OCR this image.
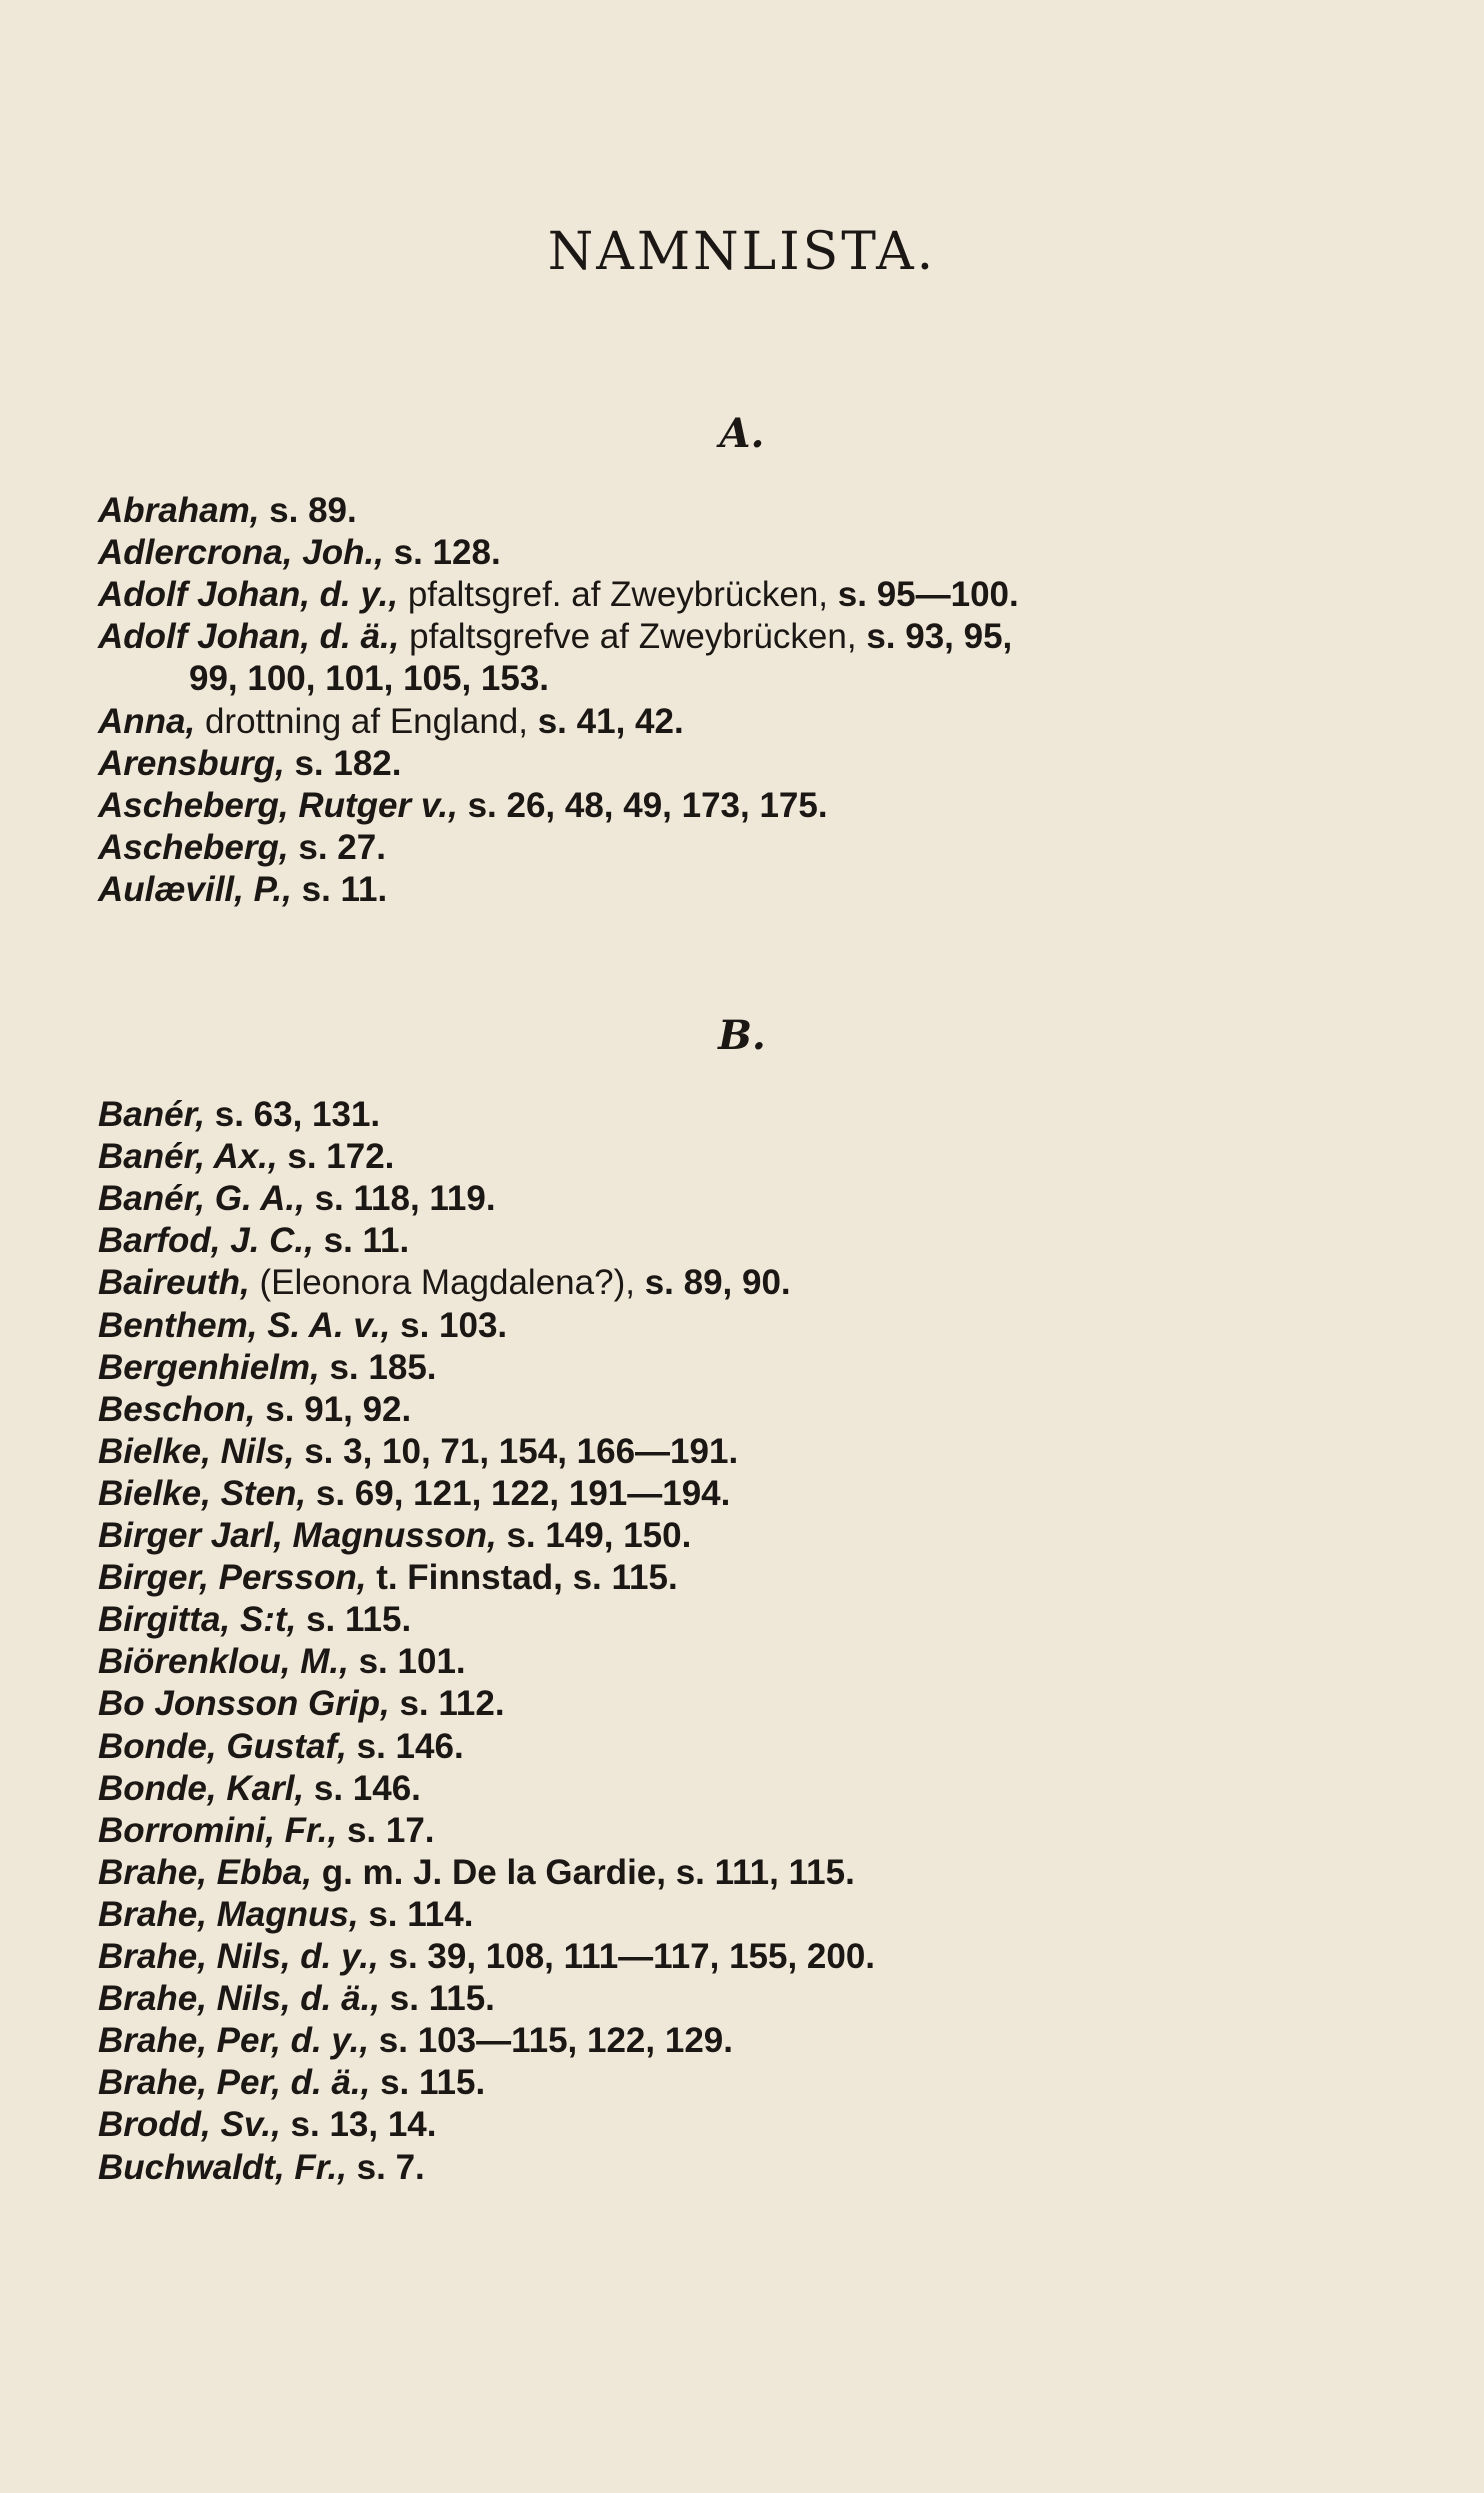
NAMNLISTA.
A.
Abraham, s. 89.
Adlercrona, Joh., s. 128.
Adolf Johan, d. y., pfaltsgref. af Zweybrücken, s. 95—100.
Adolf Johan, d. ä., pfaltsgrefve af Zweybrücken, s. 93, 95,
99, 100, 101, 105, 153.
Anna, drottning af England, s. 41, 42.
Arensburg, s. 182.
Ascheberg, Rutger v., s. 26, 48, 49, 173, 175.
Ascheberg, s. 27.
Aulævill, P., s. 11.
B.
Banér, s. 63, 131.
Banér, Ax., s. 172.
Banér, G. A., s. 118, 119.
Barfod, J. C., s. 11.
Baireuth, (Eleonora Magdalena?), s. 89, 90.
Benthem, S. A. v., s. 103.
Bergenhielm, s. 185.
Beschon, s. 91, 92.
Bielke, Nils, s. 3, 10, 71, 154, 166—191.
Bielke, Sten, s. 69, 121, 122, 191—194.
Birger Jarl, Magnusson, s. 149, 150.
Birger, Persson, t. Finnstad, s. 115.
Birgitta, S:t, s. 115.
Biörenklou, M., s. 101.
Bo Jonsson Grip, s. 112.
Bonde, Gustaf, s. 146.
Bonde, Karl, s. 146.
Borromini, Fr., s. 17.
Brahe, Ebba, g. m. J. De la Gardie, s. 111, 115.
Brahe, Magnus, s. 114.
Brahe, Nils, d. y., s. 39, 108, 111—117, 155, 200.
Brahe, Nils, d. ä., s. 115.
Brahe, Per, d. y., s. 103—115, 122, 129.
Brahe, Per, d. ä., s. 115.
Brodd, Sv., s. 13, 14.
Buchwaldt, Fr., s. 7.
